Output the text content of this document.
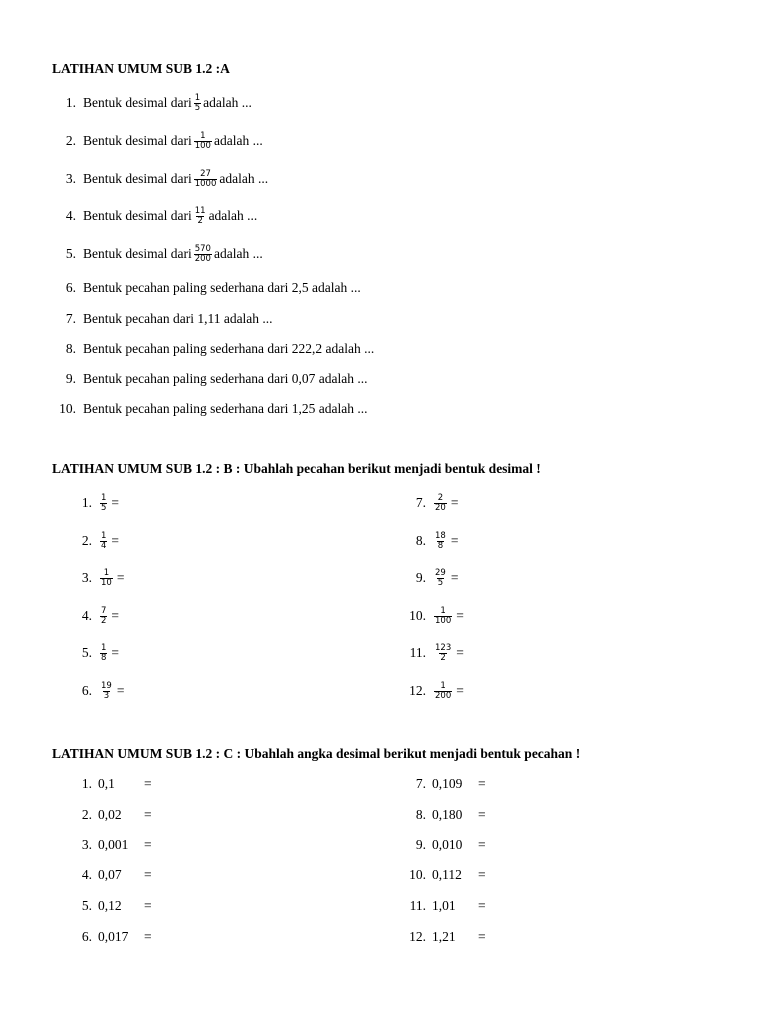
LATIHAN UMUM SUB 1.2 :A
1. Bentuk desimal dari $\frac{1}{5}$ adalah ...
2. Bentuk desimal dari $\frac{1}{100}$ adalah ...
3. Bentuk desimal dari $\frac{27}{1000}$ adalah ...
4. Bentuk desimal dari $\frac{11}{2}$ adalah ...
5. Bentuk desimal dari $\frac{570}{200}$ adalah ...
6. Bentuk pecahan paling sederhana dari 2,5 adalah ...
7. Bentuk pecahan dari 1,11 adalah ...
8. Bentuk pecahan paling sederhana dari 222,2 adalah ...
9. Bentuk pecahan paling sederhana dari 0,07 adalah ...
10. Bentuk pecahan paling sederhana dari 1,25 adalah ...
LATIHAN UMUM SUB 1.2 : B : Ubahlah pecahan berikut menjadi bentuk desimal !
1. $\frac{1}{5}$ =
2. $\frac{1}{4}$ =
3. $\frac{1}{10}$ =
4. $\frac{7}{2}$ =
5. $\frac{1}{8}$ =
6. $\frac{19}{3}$ =
7. $\frac{2}{20}$ =
8. $\frac{18}{8}$ =
9. $\frac{29}{5}$ =
10. $\frac{1}{100}$ =
11. $\frac{123}{2}$ =
12. $\frac{1}{200}$ =
LATIHAN UMUM SUB 1.2 : C : Ubahlah angka desimal berikut menjadi bentuk pecahan !
1. 0,1	=
2. 0,02	=
3. 0,001	=
4. 0,07	=
5. 0,12	=
6. 0,017	=
7. 0,109	=
8. 0,180	=
9. 0,010	=
10. 0,112	=
11. 1,01	=
12. 1,21	=
